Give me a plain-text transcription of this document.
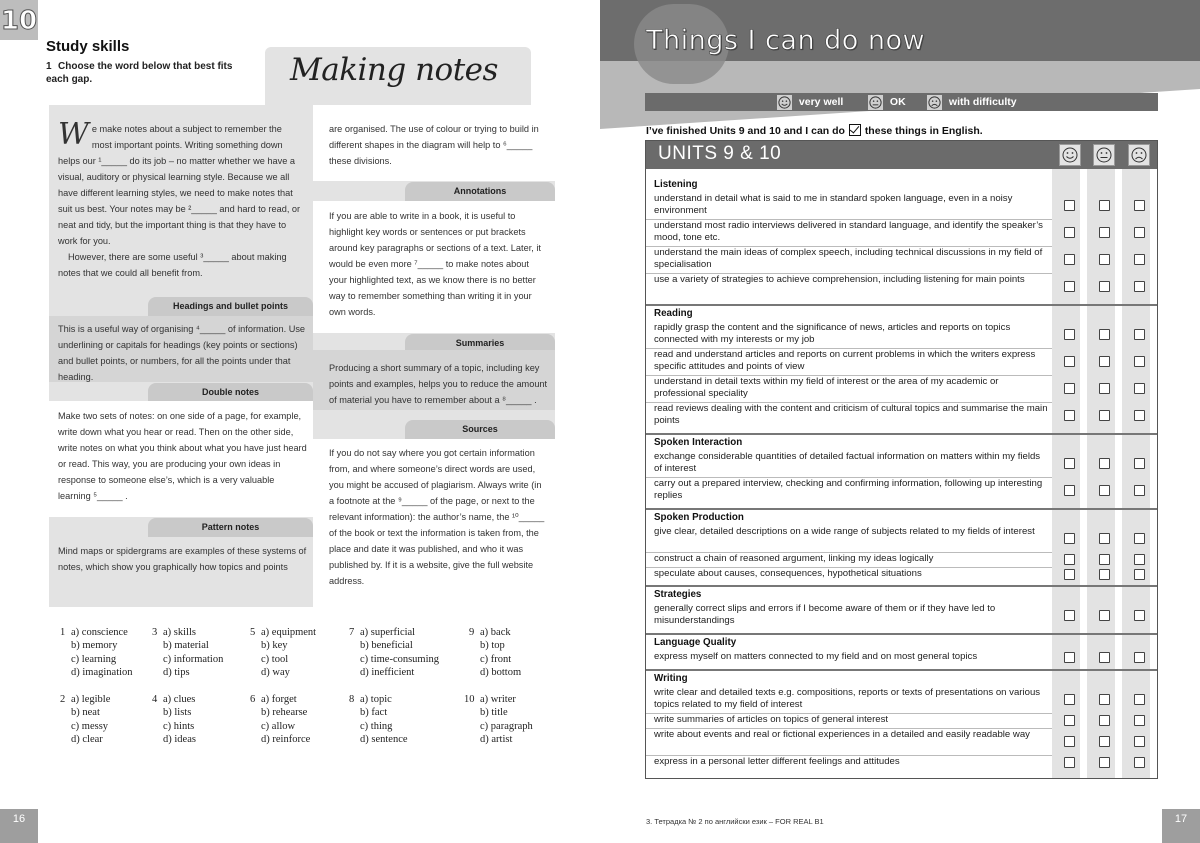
10
Study skills
1 Choose the word below that best fits each gap.	Making notes
We make notes about a subject to remember the most important points. Writing something down helps our ¹_____ do its job – no matter whether we have a visual, auditory or physical learning style. Because we all have different learning styles, we need to make notes that suit us best. Your notes may be ²_____ and hard to read, or neat and tidy, but the important thing is that they have to work for you.
However, there are some useful ³_____ about making notes that we could all benefit from.
Headings and bullet points
This is a useful way of organising ⁴_____ of information. Use underlining or capitals for headings (key points or sections) and bullet points, or numbers, for all the points under that heading.
Double notes
Make two sets of notes: on one side of a page, for example, write down what you hear or read. Then on the other side, write notes on what you think about what you have just heard or read. This way, you are producing your own ideas in response to someone else’s, which is a very valuable learning ⁵_____ .
Pattern notes
Mind maps or spidergrams are examples of these systems of notes, which show you graphically how topics and points
are organised. The use of colour or trying to build in different shapes in the diagram will help to ⁶_____ these divisions.
Annotations
If you are able to write in a book, it is useful to highlight key words or sentences or put brackets around key paragraphs or sections of a text. Later, it would be even more ⁷_____ to make notes about your highlighted text, as we know there is no better way to remember something than writing it in your own words.
Summaries
Producing a short summary of a topic, including key points and examples, helps you to reduce the amount of material you have to remember about a ⁸_____ .
Sources
If you do not say where you got certain information from, and where someone’s direct words are used, you might be accused of plagiarism. Always write (in a footnote at the ⁹_____ of the page, or next to the relevant information): the author’s name, the ¹⁰_____ of the book or text the information is taken from, the place and date it was published, and who it was published by. If it is a website, give the full website address.
1 a) conscience
b) memory
c) learning
d) imagination
2 a) legible
b) neat
c) messy
d) clear
3 a) skills
b) material
c) information
d) tips
4 a) clues
b) lists
c) hints
d) ideas
5 a) equipment
b) key
c) tool
d) way
6 a) forget
b) rehearse
c) allow
d) reinforce
7 a) superficial
b) beneficial
c) time-consuming
d) inefficient
8 a) topic
b) fact
c) thing
d) sentence
9 a) back
b) top
c) front
d) bottom
10 a) writer
b) title
c) paragraph
d) artist
16
Things I can do now
very well	OK	with difficulty
I’ve finished Units 9 and 10 and I can do these things in English.
UNITS 9 & 10
Listening
understand in detail what is said to me in standard spoken language, even in a noisy environment
understand most radio interviews delivered in standard language, and identify the speaker’s mood, tone etc.
understand the main ideas of complex speech, including technical discussions in my field of specialisation
use a variety of strategies to achieve comprehension, including listening for main points
Reading
rapidly grasp the content and the significance of news, articles and reports on topics connected with my interests or my job
read and understand articles and reports on current problems in which the writers express specific attitudes and points of view
understand in detail texts within my field of interest or the area of my academic or professional speciality
read reviews dealing with the content and criticism of cultural topics and summarise the main points
Spoken Interaction
exchange considerable quantities of detailed factual information on matters within my fields of interest
carry out a prepared interview, checking and confirming information, following up interesting replies
Spoken Production
give clear, detailed descriptions on a wide range of subjects related to my fields of interest
construct a chain of reasoned argument, linking my ideas logically
speculate about causes, consequences, hypothetical situations
Strategies
generally correct slips and errors if I become aware of them or if they have led to misunderstandings
Language Quality
express myself on matters connected to my field and on most general topics
Writing
write clear and detailed texts e.g. compositions, reports or texts of presentations on various topics related to my field of interest
write summaries of articles on topics of general interest
write about events and real or fictional experiences in a detailed and easily readable way
express in a personal letter different feelings and attitudes
3. Тетрадка № 2 по английски език – FOR REAL B1	17
